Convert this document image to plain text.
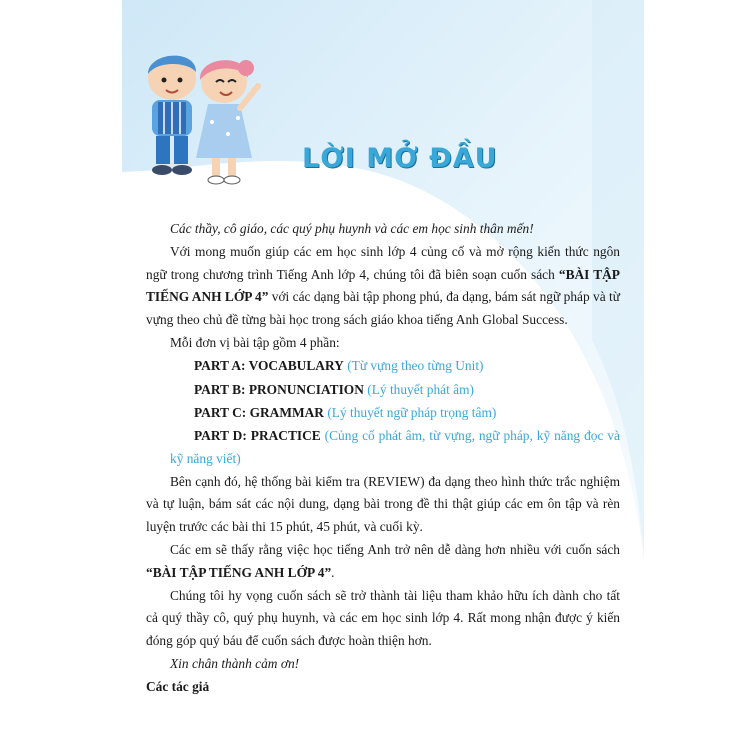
LỜI MỞ ĐẦU

Các thầy, cô giáo, các quý phụ huynh và các em học sinh thân mến!

Với mong muốn giúp các em học sinh lớp 4 củng cố và mở rộng kiến thức ngôn ngữ trong chương trình Tiếng Anh lớp 4, chúng tôi đã biên soạn cuốn sách “BÀI TẬP TIẾNG ANH LỚP 4” với các dạng bài tập phong phú, đa dạng, bám sát ngữ pháp và từ vựng theo chủ đề từng bài học trong sách giáo khoa tiếng Anh Global Success.

Mỗi đơn vị bài tập gồm 4 phần:

PART A: VOCABULARY (Từ vựng theo từng Unit)

PART B: PRONUNCIATION (Lý thuyết phát âm)

PART C: GRAMMAR (Lý thuyết ngữ pháp trọng tâm)

PART D: PRACTICE (Củng cố phát âm, từ vựng, ngữ pháp, kỹ năng đọc và kỹ năng viết)

Bên cạnh đó, hệ thống bài kiểm tra (REVIEW) đa dạng theo hình thức trắc nghiệm và tự luận, bám sát các nội dung, dạng bài trong đề thi thật giúp các em ôn tập và rèn luyện trước các bài thi 15 phút, 45 phút, và cuối kỳ.

Các em sẽ thấy rằng việc học tiếng Anh trở nên dễ dàng hơn nhiều với cuốn sách “BÀI TẬP TIẾNG ANH LỚP 4”.

Chúng tôi hy vọng cuốn sách sẽ trở thành tài liệu tham khảo hữu ích dành cho tất cả quý thầy cô, quý phụ huynh, và các em học sinh lớp 4. Rất mong nhận được ý kiến đóng góp quý báu để cuốn sách được hoàn thiện hơn.

Xin chân thành cảm ơn!

Các tác giả
